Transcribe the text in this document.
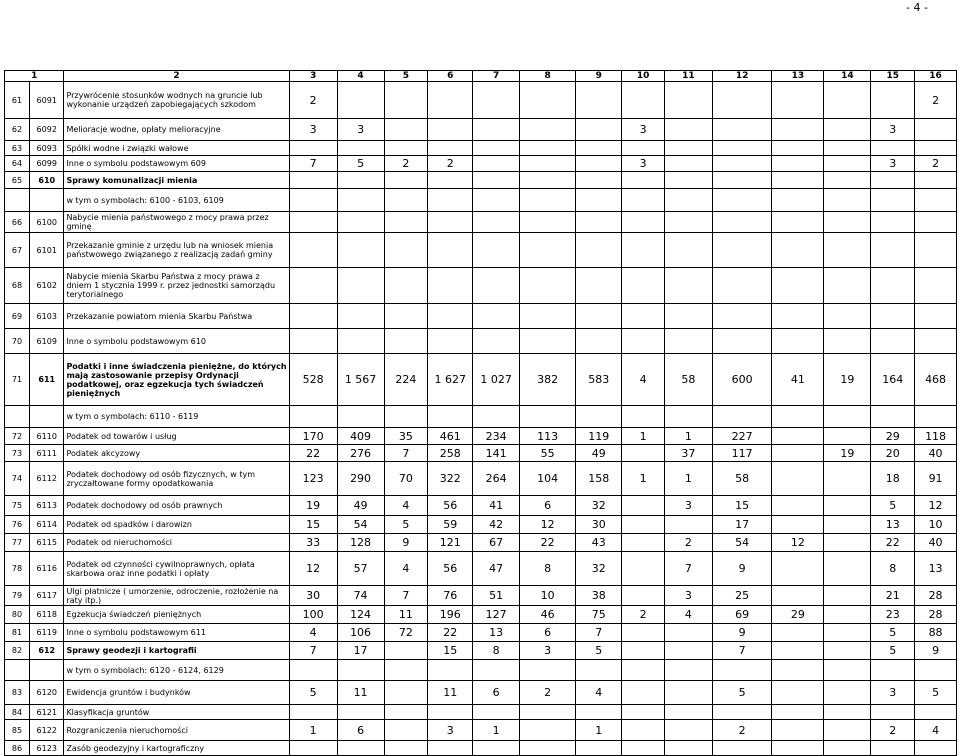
- 4 -
1		2	3	4	5	6	7	8	9	10	11	12	13	14	15	16
61	6091	Przywrócenie stosunków wodnych na gruncie lub wykonanie urządzeń zapobiegających szkodom	2													2
62	6092	Melioracje wodne, opłaty melioracyjne	3	3						3					3	
63	6093	Spółki wodne i związki wałowe														
64	6099	Inne o symbolu podstawowym 609	7	5	2	2				3					3	2
65	610	Sprawy komunalizacji mienia														
		w tym o symbolach: 6100 - 6103, 6109														
66	6100	Nabycie mienia państwowego z mocy prawa przez gminę														
67	6101	Przekazanie gminie z urzędu lub na wniosek mienia państwowego związanego z realizacją zadań gminy														
68	6102	Nabycie mienia Skarbu Państwa z mocy prawa z dniem 1 stycznia 1999 r. przez jednostki samorządu terytorialnego														
69	6103	Przekazanie powiatom mienia Skarbu Państwa														
70	6109	Inne o symbolu podstawowym 610														
71	611	Podatki i inne świadczenia pieniężne, do których mają zastosowanie przepisy Ordynacji podatkowej, oraz egzekucja tych świadczeń pieniężnych	528	1 567	224	1 627	1 027	382	583	4	58	600	41	19	164	468
		w tym o symbolach: 6110 - 6119														
72	6110	Podatek od towarów i usług	170	409	35	461	234	113	119	1	1	227			29	118
73	6111	Podatek akcyzowy	22	276	7	258	141	55	49		37	117		19	20	40
74	6112	Podatek dochodowy od osób fizycznych, w tym zryczałtowane formy opodatkowania	123	290	70	322	264	104	158	1	1	58			18	91
75	6113	Podatek dochodowy od osób prawnych	19	49	4	56	41	6	32		3	15			5	12
76	6114	Podatek od spadków i darowizn	15	54	5	59	42	12	30			17			13	10
77	6115	Podatek od nieruchomości	33	128	9	121	67	22	43		2	54	12		22	40
78	6116	Podatek od czynności cywilnoprawnych, opłata skarbowa oraz inne podatki i opłaty	12	57	4	56	47	8	32		7	9			8	13
79	6117	Ulgi płatnicze ( umorzenie, odroczenie, rozłożenie na raty itp.)	30	74	7	76	51	10	38		3	25			21	28
80	6118	Egzekucja świadczeń pieniężnych	100	124	11	196	127	46	75	2	4	69	29		23	28
81	6119	Inne o symbolu podstawowym 611	4	106	72	22	13	6	7			9			5	88
82	612	Sprawy geodezji i kartografii	7	17		15	8	3	5			7			5	9
		w tym o symbolach: 6120 - 6124, 6129														
83	6120	Ewidencja gruntów i budynków	5	11		11	6	2	4			5			3	5
84	6121	Klasyfikacja gruntów														
85	6122	Rozgraniczenia nieruchomości	1	6		3	1		1			2			2	4
86	6123	Zasób geodezyjny i kartograficzny														
